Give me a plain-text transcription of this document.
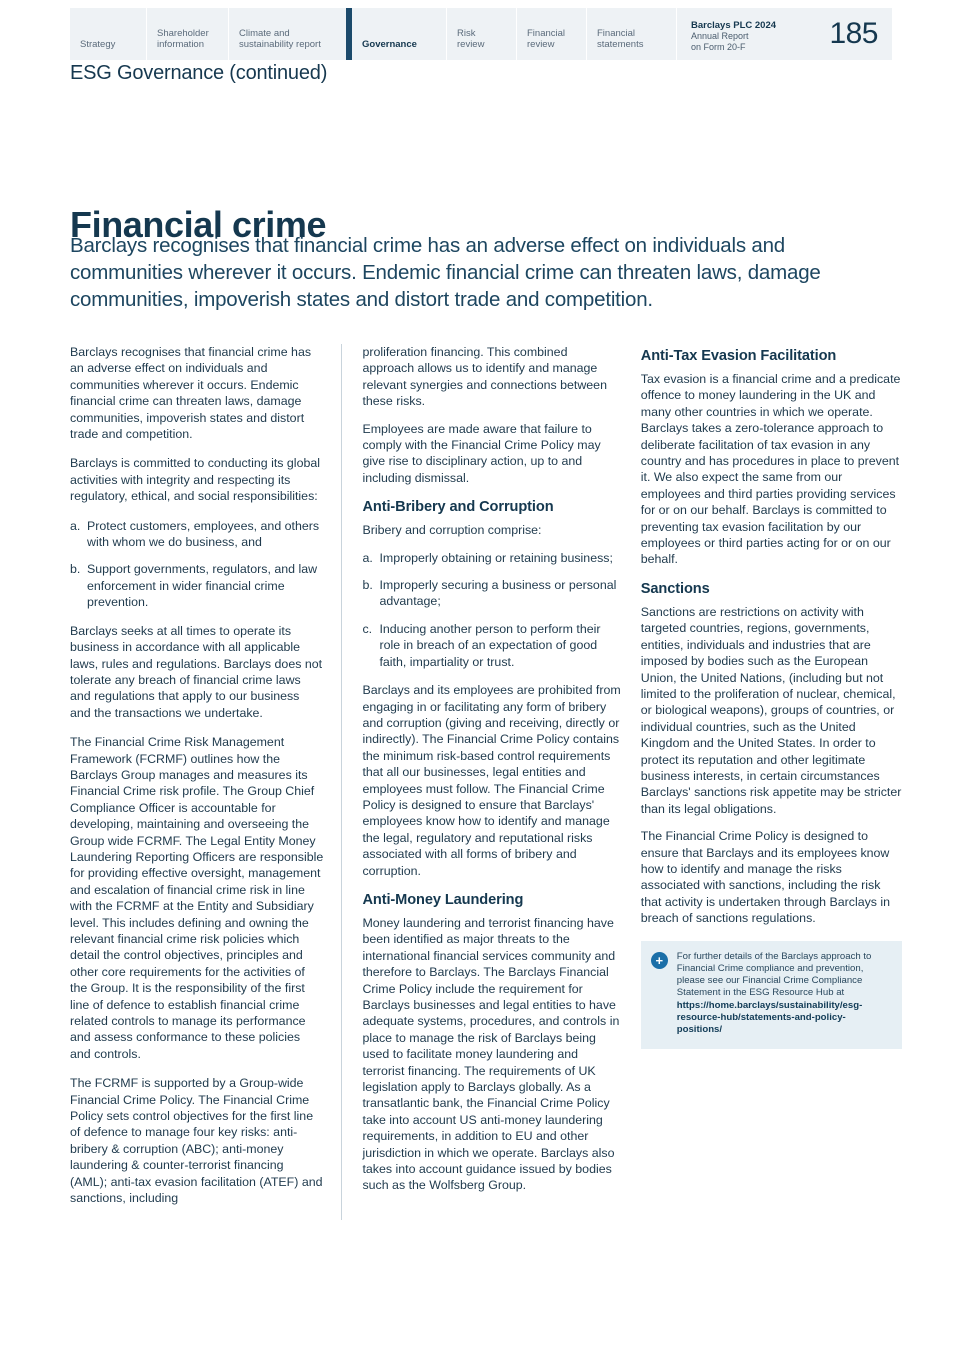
Strategy
Shareholder
information
Climate and
sustainability report	Governance
Risk
review
Financial
review
Financial
statements
Barclays PLC 2024
Annual Report
on Form 20-F	185
ESG Governance (continued)
Financial crime
Barclays recognises that financial crime has an adverse effect on individuals and communities wherever it occurs. Endemic financial crime can threaten laws, damage communities, impoverish states and distort trade and competition.

Barclays recognises that financial crime has an adverse effect on individuals and communities wherever it occurs. Endemic financial crime can threaten laws, damage communities, impoverish states and distort trade and competition.

Barclays is committed to conducting its global activities with integrity and respecting its regulatory, ethical, and social responsibilities:

a. Protect customers, employees, and others with whom we do business, and
b. Support governments, regulators, and law enforcement in wider financial crime prevention.

Barclays seeks at all times to operate its business in accordance with all applicable laws, rules and regulations. Barclays does not tolerate any breach of financial crime laws and regulations that apply to our business and the transactions we undertake.

The Financial Crime Risk Management Framework (FCRMF) outlines how the Barclays Group manages and measures its Financial Crime risk profile. The Group Chief Compliance Officer is accountable for developing, maintaining and overseeing the Group wide FCRMF. The Legal Entity Money Laundering Reporting Officers are responsible for providing effective oversight, management and escalation of financial crime risk in line with the FCRMF at the Entity and Subsidiary level. This includes defining and owning the relevant financial crime risk policies which detail the control objectives, principles and other core requirements for the activities of the Group. It is the responsibility of the first line of defence to establish financial crime related controls to manage its performance and assess conformance to these policies and controls.

The FCRMF is supported by a Group-wide Financial Crime Policy. The Financial Crime Policy sets control objectives for the first line of defence to manage four key risks: anti-bribery & corruption (ABC); anti-money laundering & counter-terrorist financing (AML); anti-tax evasion facilitation (ATEF) and sanctions, including

proliferation financing. This combined approach allows us to identify and manage relevant synergies and connections between these risks.

Employees are made aware that failure to comply with the Financial Crime Policy may give rise to disciplinary action, up to and including dismissal.

Anti-Bribery and Corruption

Bribery and corruption comprise:

a. Improperly obtaining or retaining business;
b. Improperly securing a business or personal advantage;
c. Inducing another person to perform their role in breach of an expectation of good faith, impartiality or trust.

Barclays and its employees are prohibited from engaging in or facilitating any form of bribery and corruption (giving and receiving, directly or indirectly). The Financial Crime Policy contains the minimum risk-based control requirements that all our businesses, legal entities and employees must follow. The Financial Crime Policy is designed to ensure that Barclays' employees know how to identify and manage the legal, regulatory and reputational risks associated with all forms of bribery and corruption.

Anti-Money Laundering

Money laundering and terrorist financing have been identified as major threats to the international financial services community and therefore to Barclays. The Barclays Financial Crime Policy include the requirement for Barclays businesses and legal entities to have adequate systems, procedures, and controls in place to manage the risk of Barclays being used to facilitate money laundering and terrorist financing. The requirements of UK legislation apply to Barclays globally. As a transatlantic bank, the Financial Crime Policy take into account US anti-money laundering requirements, in addition to EU and other jurisdiction in which we operate. Barclays also takes into account guidance issued by bodies such as the Wolfsberg Group.

Anti-Tax Evasion Facilitation

Tax evasion is a financial crime and a predicate offence to money laundering in the UK and many other countries in which we operate. Barclays takes a zero-tolerance approach to deliberate facilitation of tax evasion in any country and has procedures in place to prevent it. We also expect the same from our employees and third parties providing services for or on our behalf. Barclays is committed to preventing tax evasion facilitation by our employees or third parties acting for or on our behalf.

Sanctions

Sanctions are restrictions on activity with targeted countries, regions, governments, entities, individuals and industries that are imposed by bodies such as the European Union, the United Nations, (including but not limited to the proliferation of nuclear, chemical, or biological weapons), groups of countries, or individual countries, such as the United Kingdom and the United States. In order to protect its reputation and other legitimate business interests, in certain circumstances Barclays' sanctions risk appetite may be stricter than its legal obligations.

The Financial Crime Policy is designed to ensure that Barclays and its employees know how to identify and manage the risks associated with sanctions, including the risk that activity is undertaken through Barclays in breach of sanctions regulations.

+	For further details of the Barclays approach to Financial Crime compliance and prevention, please see our Financial Crime Compliance Statement in the ESG Resource Hub at https://home.barclays/sustainability/esg-resource-hub/statements-and-policy-positions/
